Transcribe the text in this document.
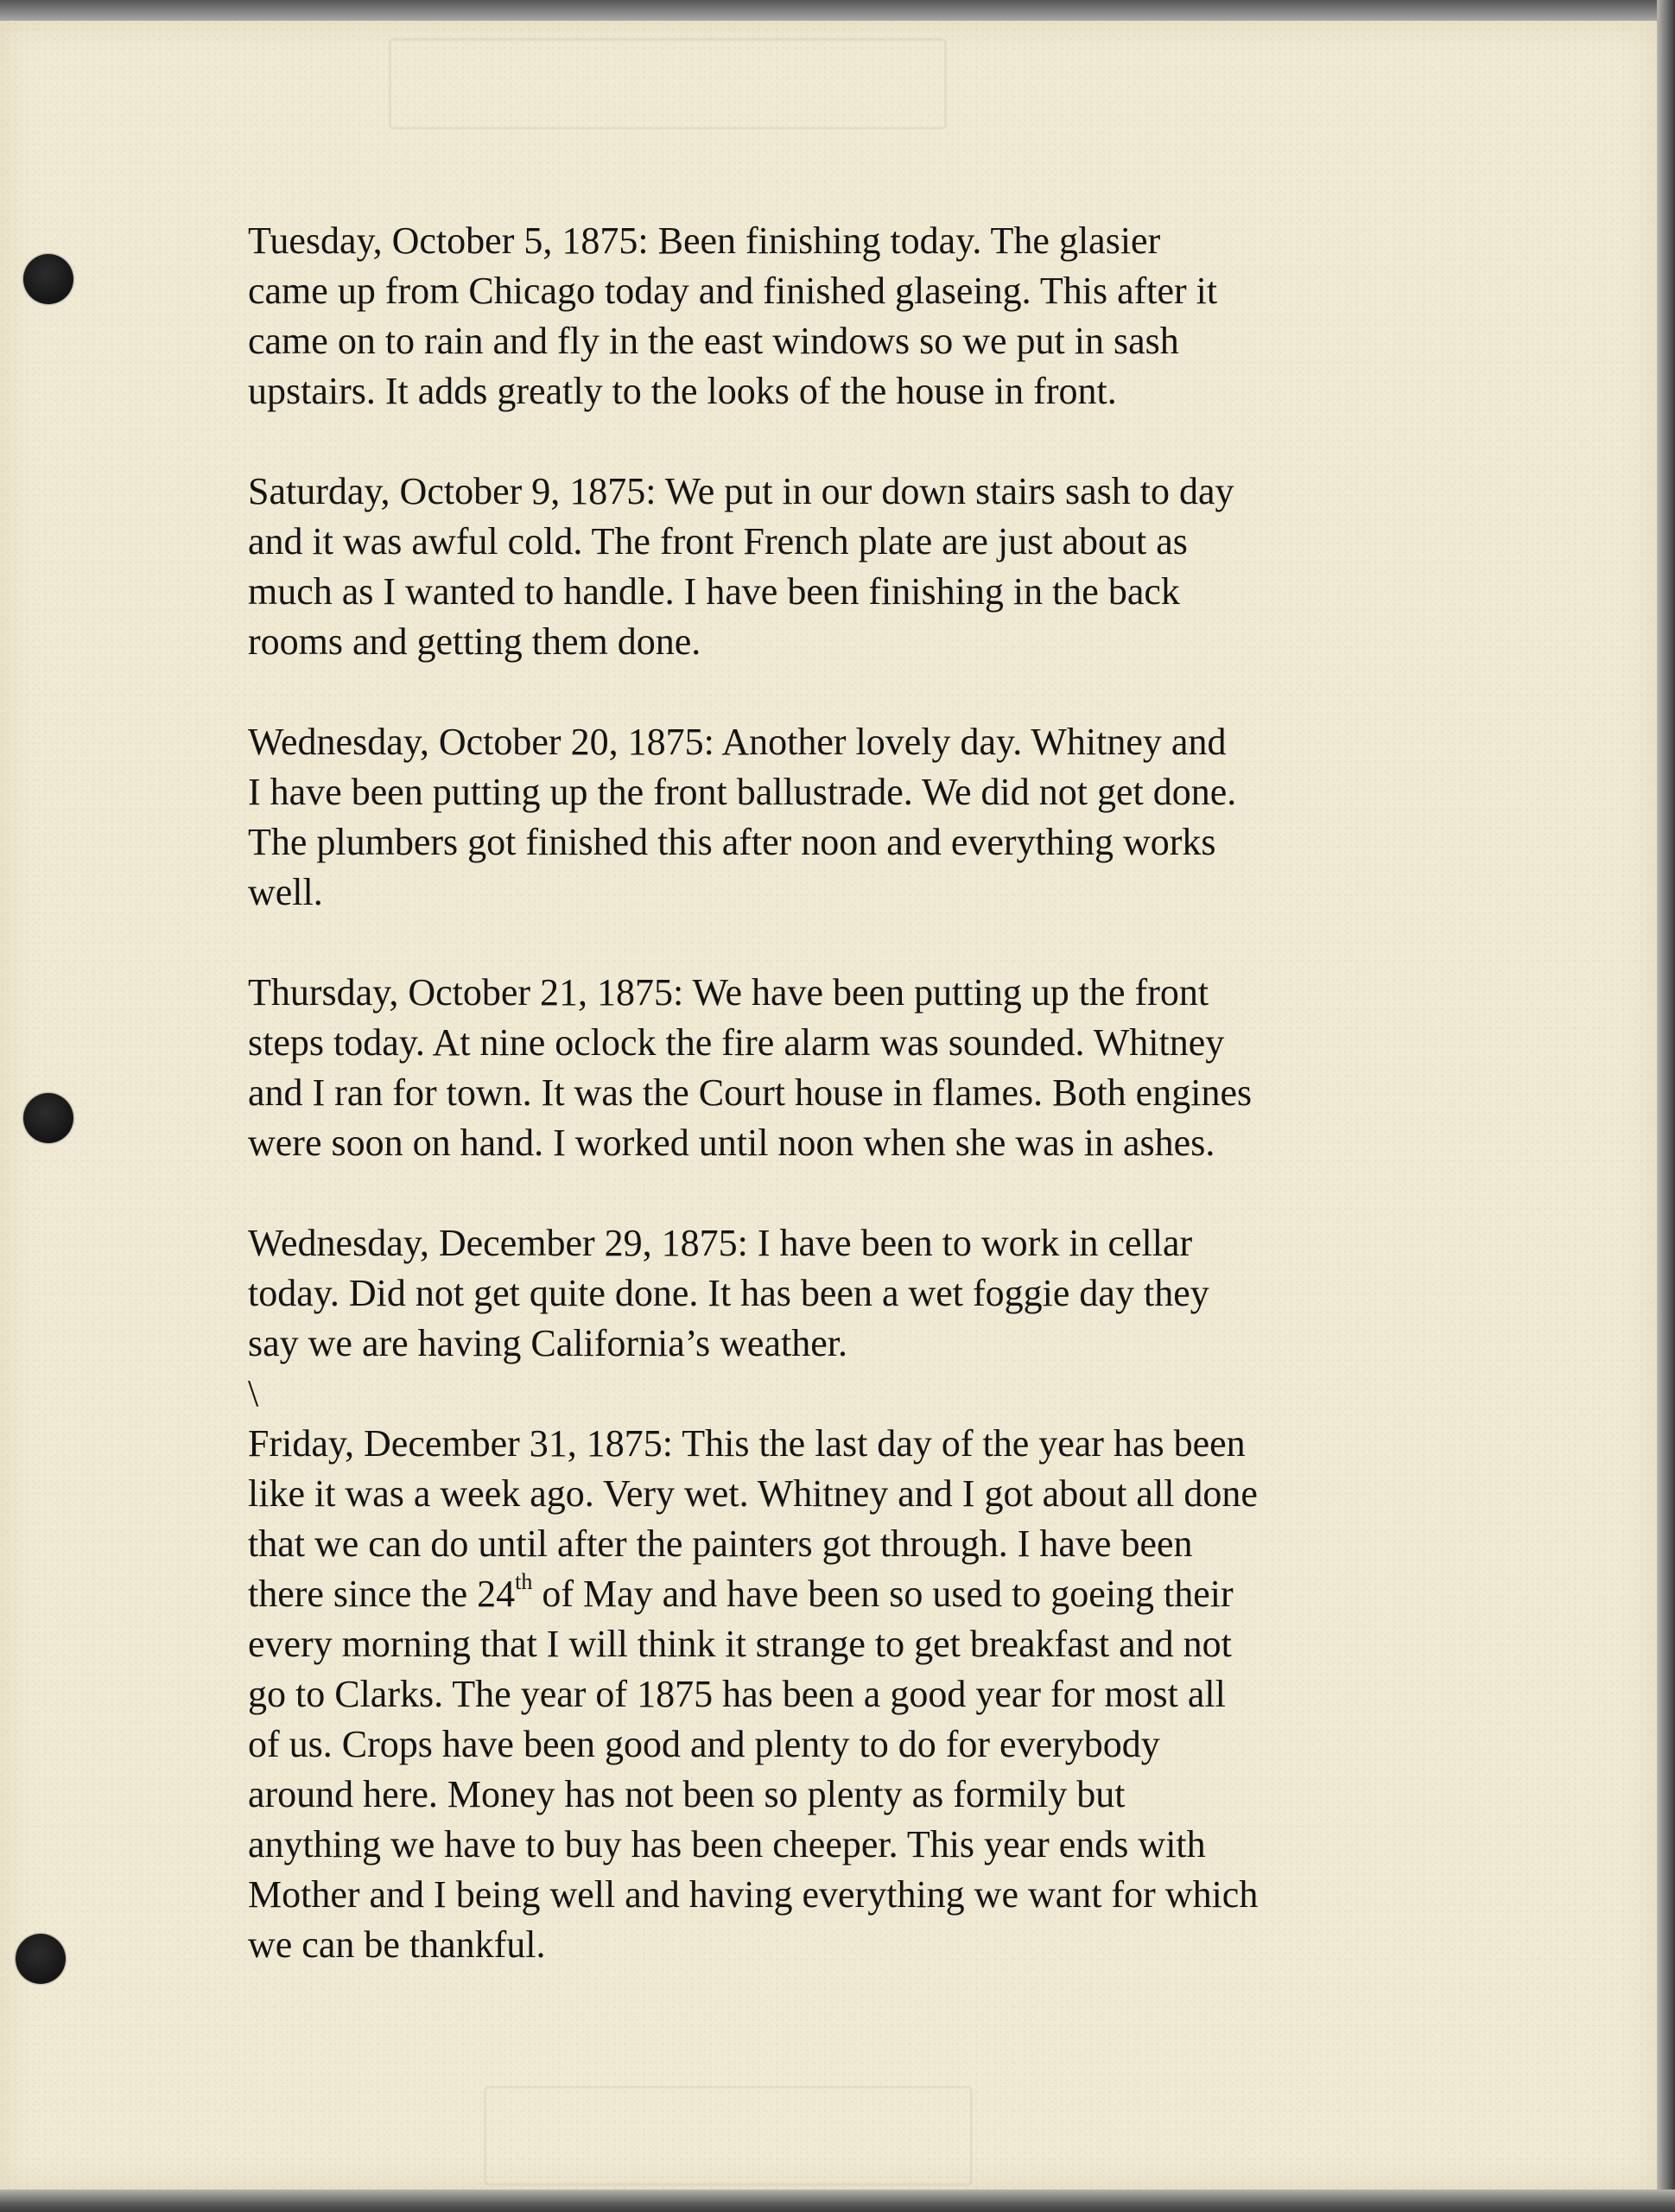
Tuesday, October 5, 1875: Been finishing today. The glasier
came up from Chicago today and finished glaseing. This after it
came on to rain and fly in the east windows so we put in sash
upstairs. It adds greatly to the looks of the house in front.
Saturday, October 9, 1875: We put in our down stairs sash to day
and it was awful cold. The front French plate are just about as
much as I wanted to handle. I have been finishing in the back
rooms and getting them done.
Wednesday, October 20, 1875: Another lovely day. Whitney and
I have been putting up the front ballustrade. We did not get done.
The plumbers got finished this after noon and everything works
well.
Thursday, October 21, 1875: We have been putting up the front
steps today. At nine oclock the fire alarm was sounded. Whitney
and I ran for town. It was the Court house in flames. Both engines
were soon on hand. I worked until noon when she was in ashes.
Wednesday, December 29, 1875: I have been to work in cellar
today. Did not get quite done. It has been a wet foggie day they
say we are having California’s weather.
\
Friday, December 31, 1875: This the last day of the year has been
like it was a week ago. Very wet. Whitney and I got about all done
that we can do until after the painters got through. I have been
there since the 24th of May and have been so used to goeing their
every morning that I will think it strange to get breakfast and not
go to Clarks. The year of 1875 has been a good year for most all
of us. Crops have been good and plenty to do for everybody
around here. Money has not been so plenty as formily but
anything we have to buy has been cheeper. This year ends with
Mother and I being well and having everything we want for which
we can be thankful.
